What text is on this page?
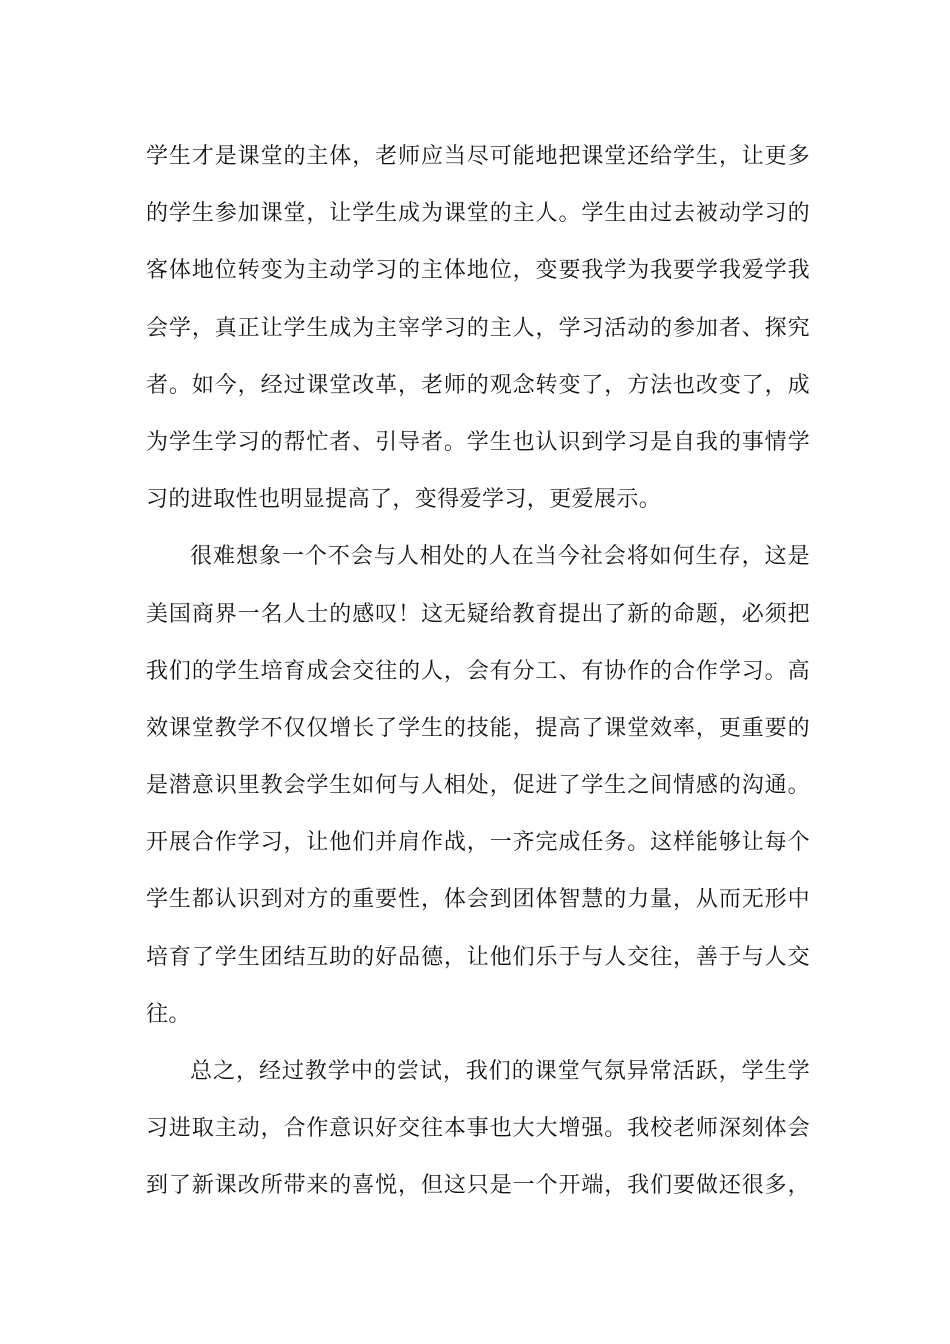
学生才是课堂的主体，老师应当尽可能地把课堂还给学生，让更多
的学生参加课堂，让学生成为课堂的主人。学生由过去被动学习的
客体地位转变为主动学习的主体地位，变要我学为我要学我爱学我
会学，真正让学生成为主宰学习的主人，学习活动的参加者、探究
者。如今，经过课堂改革，老师的观念转变了，方法也改变了，成
为学生学习的帮忙者、引导者。学生也认识到学习是自我的事情学
习的进取性也明显提高了，变得爱学习，更爱展示。
很难想象一个不会与人相处的人在当今社会将如何生存，这是
美国商界一名人士的感叹！这无疑给教育提出了新的命题，必须把
我们的学生培育成会交往的人，会有分工、有协作的合作学习。高
效课堂教学不仅仅增长了学生的技能，提高了课堂效率，更重要的
是潜意识里教会学生如何与人相处，促进了学生之间情感的沟通。
开展合作学习，让他们并肩作战，一齐完成任务。这样能够让每个
学生都认识到对方的重要性，体会到团体智慧的力量，从而无形中
培育了学生团结互助的好品德，让他们乐于与人交往，善于与人交
往。
总之，经过教学中的尝试，我们的课堂气氛异常活跃，学生学
习进取主动，合作意识好交往本事也大大增强。我校老师深刻体会
到了新课改所带来的喜悦，但这只是一个开端，我们要做还很多，
